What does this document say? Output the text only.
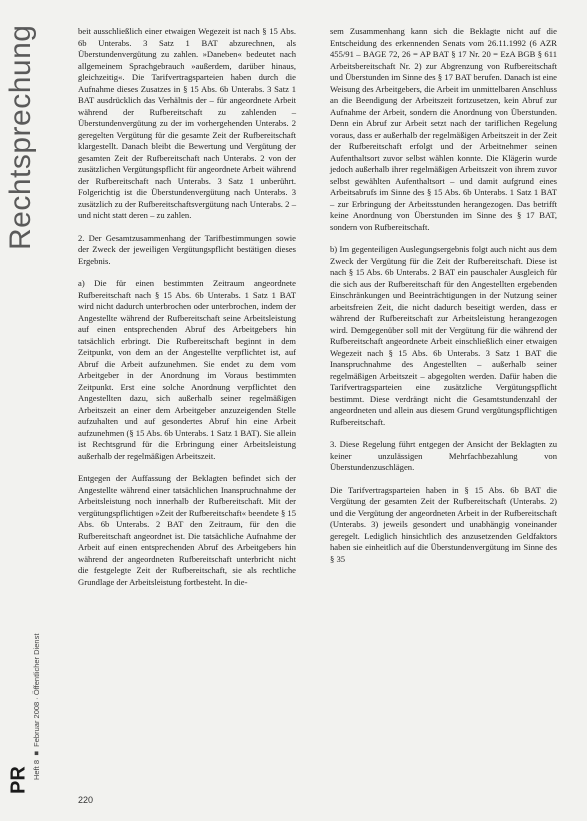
Rechtsprechung
Heft 8 ■ Februar 2008 · Öffentlicher Dienst
PR

beit ausschließlich einer etwaigen Wegezeit ist nach § 15 Abs. 6b Unterabs. 3 Satz 1 BAT abzurechnen, als Überstundenvergütung zu zahlen. »Daneben« bedeutet nach allgemeinem Sprachgebrauch »außerdem, darüber hinaus, gleichzeitig«. Die Tarifvertragsparteien haben durch die Aufnahme dieses Zusatzes in § 15 Abs. 6b Unterabs. 3 Satz 1 BAT ausdrücklich das Verhältnis der – für angeordnete Arbeit während der Rufbereitschaft zu zahlenden – Überstundenvergütung zu der im vorhergehenden Unterabs. 2 geregelten Vergütung für die gesamte Zeit der Rufbereitschaft klargestellt. Danach bleibt die Bewertung und Vergütung der gesamten Zeit der Rufbereitschaft nach Unterabs. 2 von der zusätzlichen Vergütungspflicht für angeordnete Arbeit während der Rufbereitschaft nach Unterabs. 3 Satz 1 unberührt. Folgerichtig ist die Überstundenvergütung nach Unterabs. 3 zusätzlich zu der Rufbereitschaftsvergütung nach Unterabs. 2 – und nicht statt deren – zu zahlen.

2. Der Gesamtzusammenhang der Tarifbestimmungen sowie der Zweck der jeweiligen Vergütungspflicht bestätigen dieses Ergebnis.

a) Die für einen bestimmten Zeitraum angeordnete Rufbereitschaft nach § 15 Abs. 6b Unterabs. 1 Satz 1 BAT wird nicht dadurch unterbrochen oder unterbrochen, indem der Angestellte während der Rufbereitschaft seine Arbeitsleistung auf einen entsprechenden Abruf des Arbeitgebers hin tatsächlich erbringt. Die Rufbereitschaft beginnt in dem Zeitpunkt, von dem an der Angestellte verpflichtet ist, auf Abruf die Arbeit aufzunehmen. Sie endet zu dem vom Arbeitgeber in der Anordnung im Voraus bestimmten Zeitpunkt. Erst eine solche Anordnung verpflichtet den Angestellten dazu, sich außerhalb seiner regelmäßigen Arbeitszeit an einer dem Arbeitgeber anzuzeigenden Stelle aufzuhalten und auf gesondertes Abruf hin eine Arbeit aufzunehmen (§ 15 Abs. 6b Unterabs. 1 Satz 1 BAT). Sie allein ist Rechtsgrund für die Erbringung einer Arbeitsleistung außerhalb der regelmäßigen Arbeitszeit.

Entgegen der Auffassung der Beklagten befindet sich der Angestellte während einer tatsächlichen Inanspruchnahme der Arbeitsleistung noch innerhalb der Rufbereitschaft. Mit der vergütungspflichtigen »Zeit der Rufbereitschaft« beendete § 15 Abs. 6b Unterabs. 2 BAT den Zeitraum, für den die Rufbereitschaft angeordnet ist. Die tatsächliche Aufnahme der Arbeit auf einen entsprechenden Abruf des Arbeitgebers hin während der angeordneten Rufbereitschaft unterbricht nicht die festgelegte Zeit der Rufbereitschaft, sie als rechtliche Grundlage der Arbeitsleistung fortbesteht. In die-

sem Zusammenhang kann sich die Beklagte nicht auf die Entscheidung des erkennenden Senats vom 26.11.1992 (6 AZR 455/91 – BAGE 72, 26 = AP BAT § 17 Nr. 20 = EzA BGB § 611 Arbeitsbereitschaft Nr. 2) zur Abgrenzung von Rufbereitschaft und Überstunden im Sinne des § 17 BAT berufen. Danach ist eine Weisung des Arbeitgebers, die Arbeit im unmittelbaren Anschluss an die Beendigung der Arbeitszeit fortzusetzen, kein Abruf zur Aufnahme der Arbeit, sondern die Anordnung von Überstunden. Denn ein Abruf zur Arbeit setzt nach der tariflichen Regelung voraus, dass er außerhalb der regelmäßigen Arbeitszeit in der Zeit der Rufbereitschaft erfolgt und der Arbeitnehmer seinen Aufenthaltsort zuvor selbst wählen konnte. Die Klägerin wurde jedoch außerhalb ihrer regelmäßigen Arbeitszeit von ihrem zuvor selbst gewählten Aufenthaltsort – und damit aufgrund eines Arbeitsabrufs im Sinne des § 15 Abs. 6b Unterabs. 1 Satz 1 BAT – zur Erbringung der Arbeitsstunden herangezogen. Das betrifft keine Anordnung von Überstunden im Sinne des § 17 BAT, sondern von Rufbereitschaft.

b) Im gegenteiligen Auslegungsergebnis folgt auch nicht aus dem Zweck der Vergütung für die Zeit der Rufbereitschaft. Diese ist nach § 15 Abs. 6b Unterabs. 2 BAT ein pauschaler Ausgleich für die sich aus der Rufbereitschaft für den Angestellten ergebenden Einschränkungen und Beeinträchtigungen in der Nutzung seiner arbeitsfreien Zeit, die nicht dadurch beseitigt werden, dass er während der Rufbereitschaft zur Arbeitsleistung herangezogen wird. Demgegenüber soll mit der Vergütung für die während der Rufbereitschaft angeordnete Arbeit einschließlich einer etwaigen Wegezeit nach § 15 Abs. 6b Unterabs. 3 Satz 1 BAT die Inanspruchnahme des Angestellten – außerhalb seiner regelmäßigen Arbeitszeit – abgegolten werden. Dafür haben die Tarifvertragsparteien eine zusätzliche Vergütungspflicht bestimmt. Diese verdrängt nicht die Gesamtstundenzahl der angeordneten und allein aus diesem Grund vergütungspflichtigen Rufbereitschaft.

3. Diese Regelung führt entgegen der Ansicht der Beklagten zu keiner unzulässigen Mehrfachbezahlung von Überstundenzuschlägen.

Die Tarifvertragsparteien haben in § 15 Abs. 6b BAT die Vergütung der gesamten Zeit der Rufbereitschaft (Unterabs. 2) und die Vergütung der angeordneten Arbeit in der Rufbereitschaft (Unterabs. 3) jeweils gesondert und unabhängig voneinander geregelt. Lediglich hinsichtlich des anzusetzenden Geldfaktors haben sie einheitlich auf die Überstundenvergütung im Sinne des § 35

220
